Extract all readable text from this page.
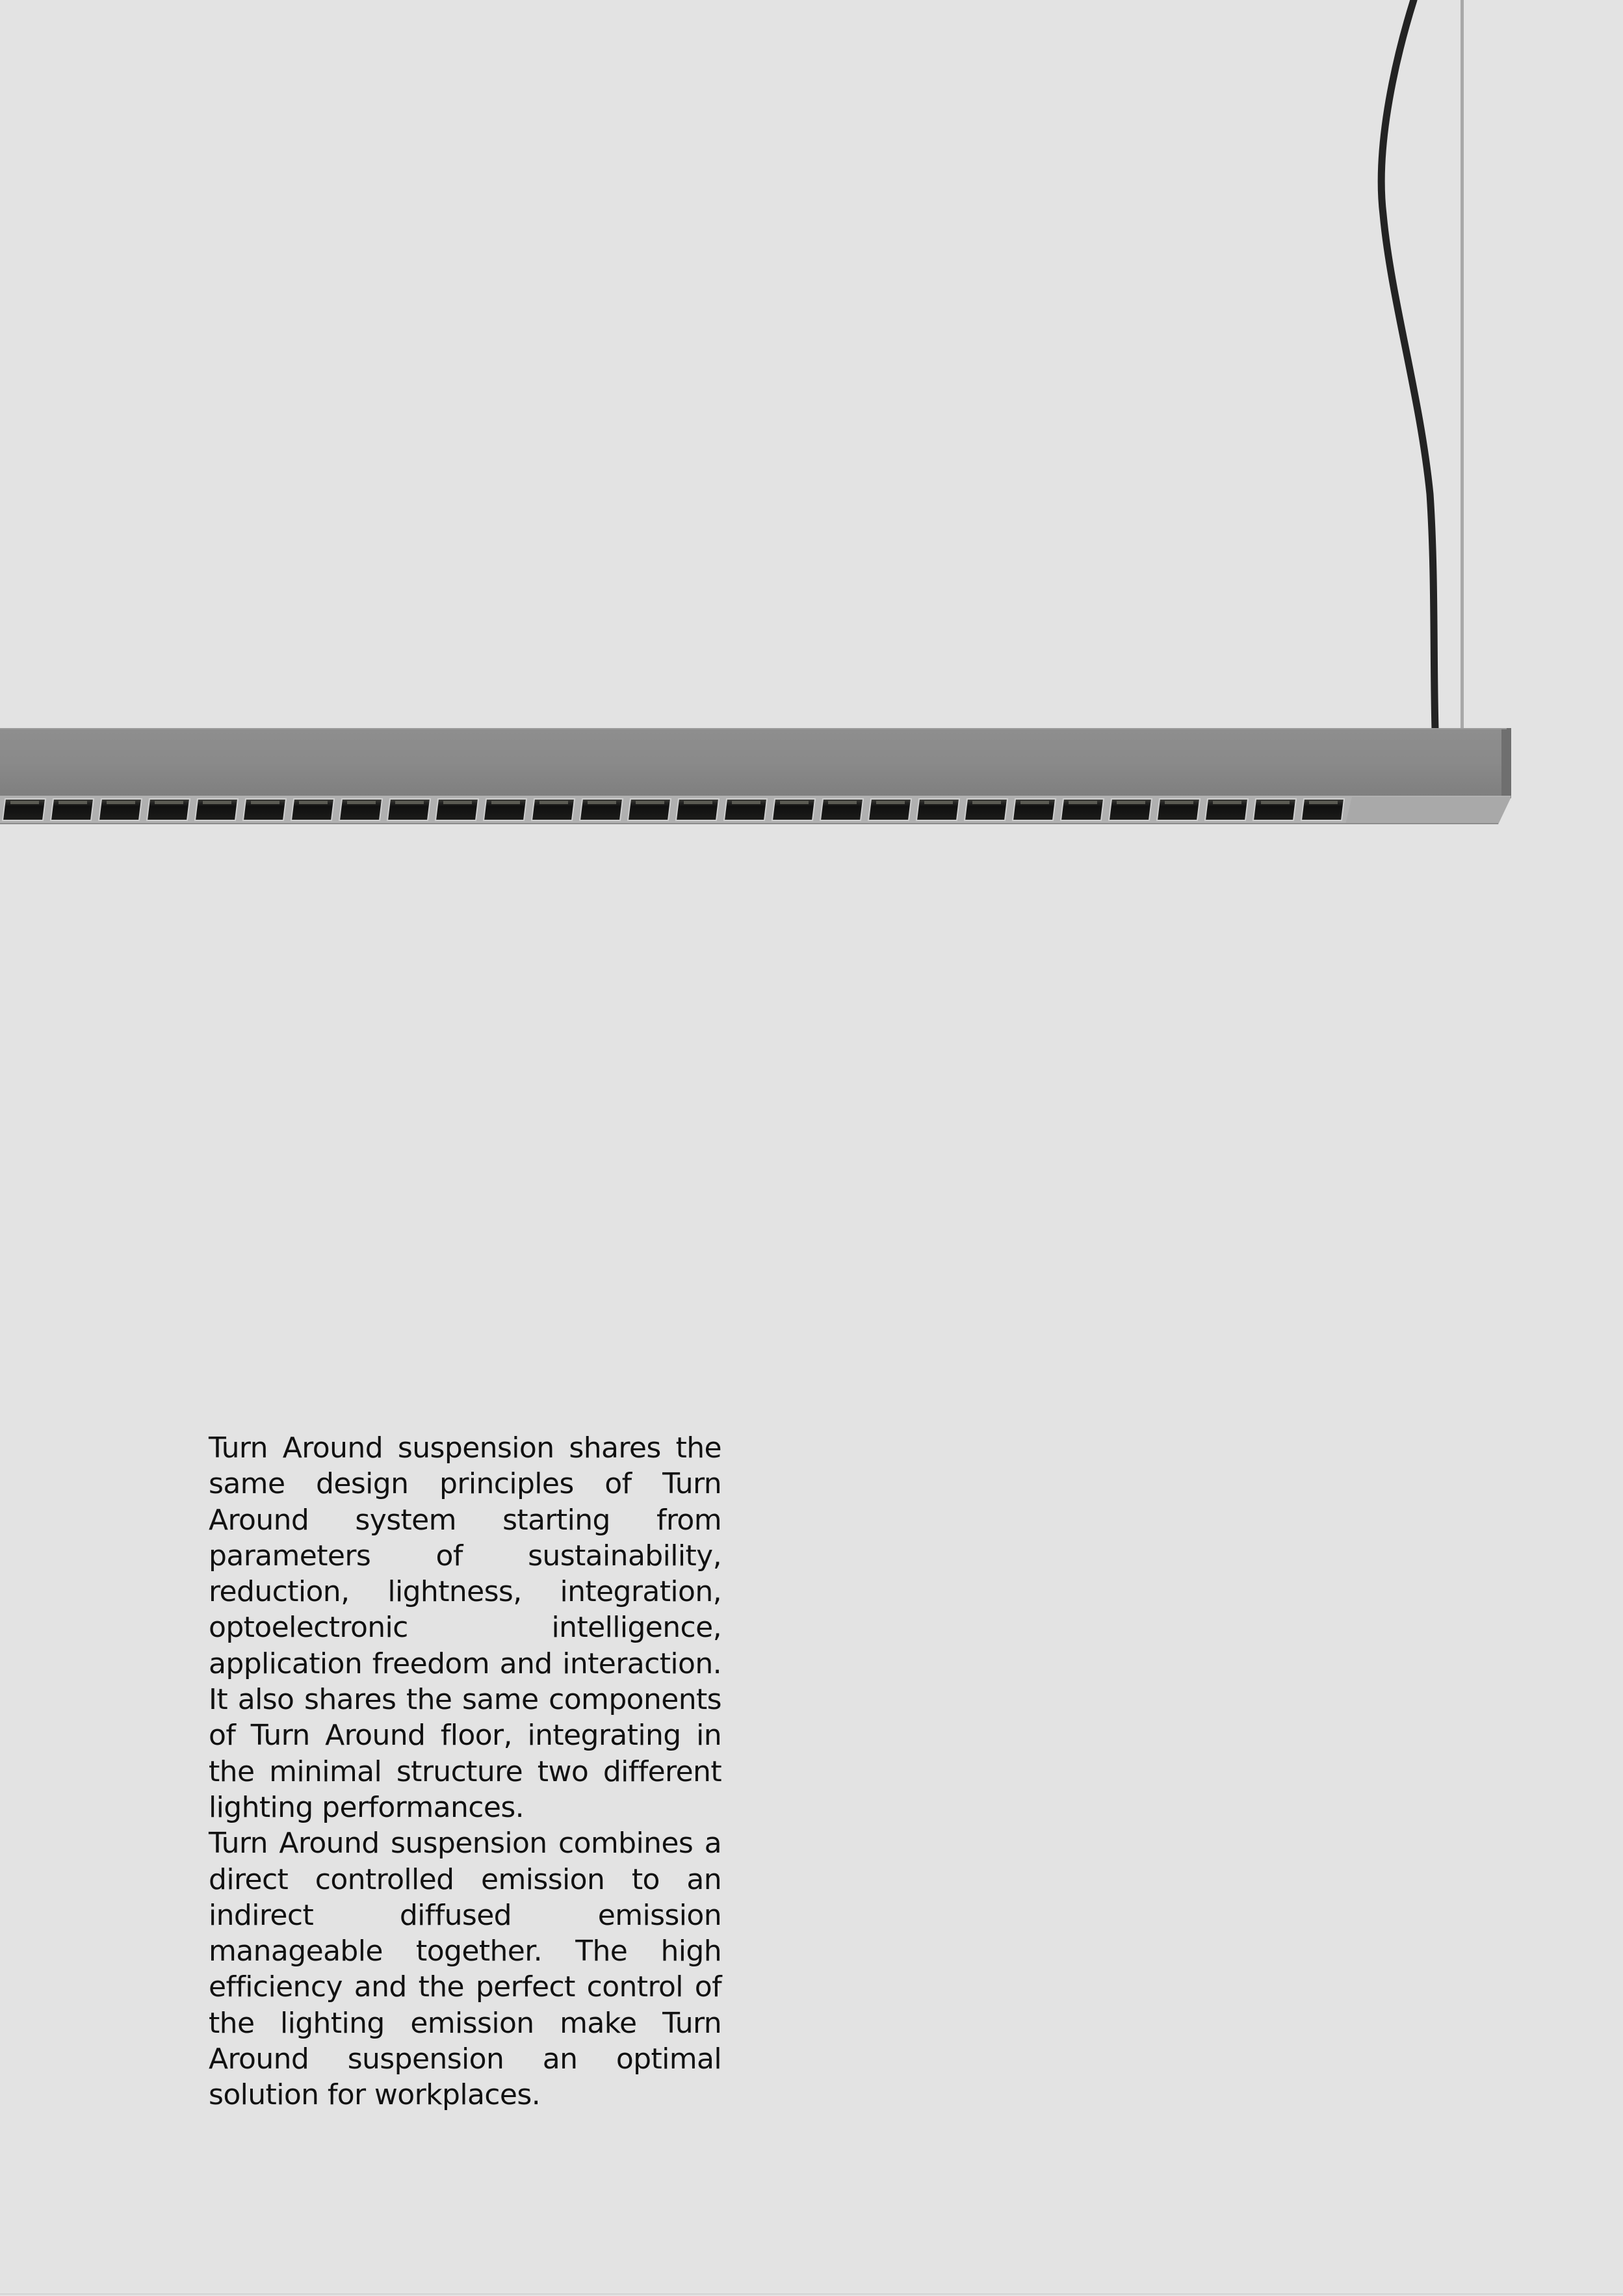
Turn Around suspension shares the same design principles of Turn Around system starting from parameters of sustainability, reduction, lightness, integration, optoelectronic intelligence, application freedom and interaction. It also shares the same components of Turn Around floor, integrating in the minimal structure two different lighting performances.

Turn Around suspension combines a direct controlled emission to an indirect diffused emission manageable together. The high efficiency and the perfect control of the lighting emission make Turn Around suspension an optimal solution for workplaces.
